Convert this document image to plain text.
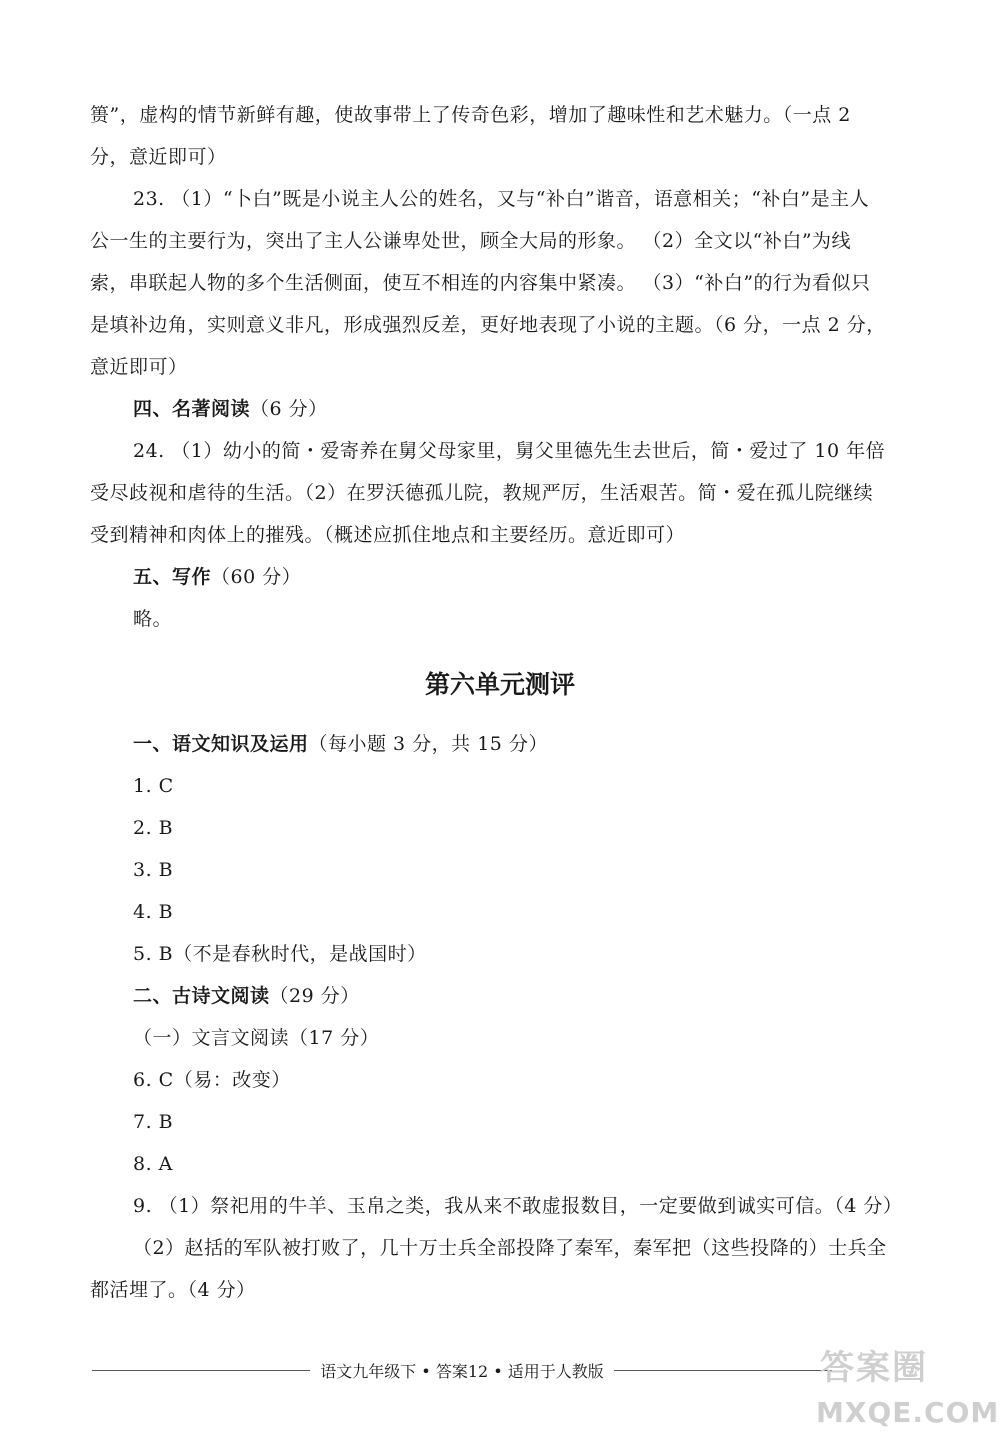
篑”，虚构的情节新鲜有趣，使故事带上了传奇色彩，增加了趣味性和艺术魅力。（一点 2
分，意近即可）
23. （1）“卜白”既是小说主人公的姓名，又与“补白”谐音，语意相关；“补白”是主人
公一生的主要行为，突出了主人公谦卑处世，顾全大局的形象。 （2）全文以“补白”为线
索，串联起人物的多个生活侧面，使互不相连的内容集中紧凑。 （3）“补白”的行为看似只
是填补边角，实则意义非凡，形成强烈反差，更好地表现了小说的主题。（6 分，一点 2 分，
意近即可）
四、名著阅读（6 分）
24. （1）幼小的简・爱寄养在舅父母家里，舅父里德先生去世后，简・爱过了 10 年倍
受尽歧视和虐待的生活。（2）在罗沃德孤儿院，教规严厉，生活艰苦。简・爱在孤儿院继续
受到精神和肉体上的摧残。（概述应抓住地点和主要经历。意近即可）
五、写作（60 分）
略。
第六单元测评
一、语文知识及运用（每小题 3 分，共 15 分）
1. C
2. B
3. B
4. B
5. B（不是春秋时代，是战国时）
二、古诗文阅读（29 分）
（一）文言文阅读（17 分）
6. C（易：改变）
7. B
8. A
9. （1）祭祀用的牛羊、玉帛之类，我从来不敢虚报数目，一定要做到诚实可信。（4 分）
（2）赵括的军队被打败了，几十万士兵全部投降了秦军，秦军把（这些投降的）士兵全
都活埋了。（4 分）
语文九年级下 • 答案12 • 适用于人教版	答案圈
MXQE.COM
